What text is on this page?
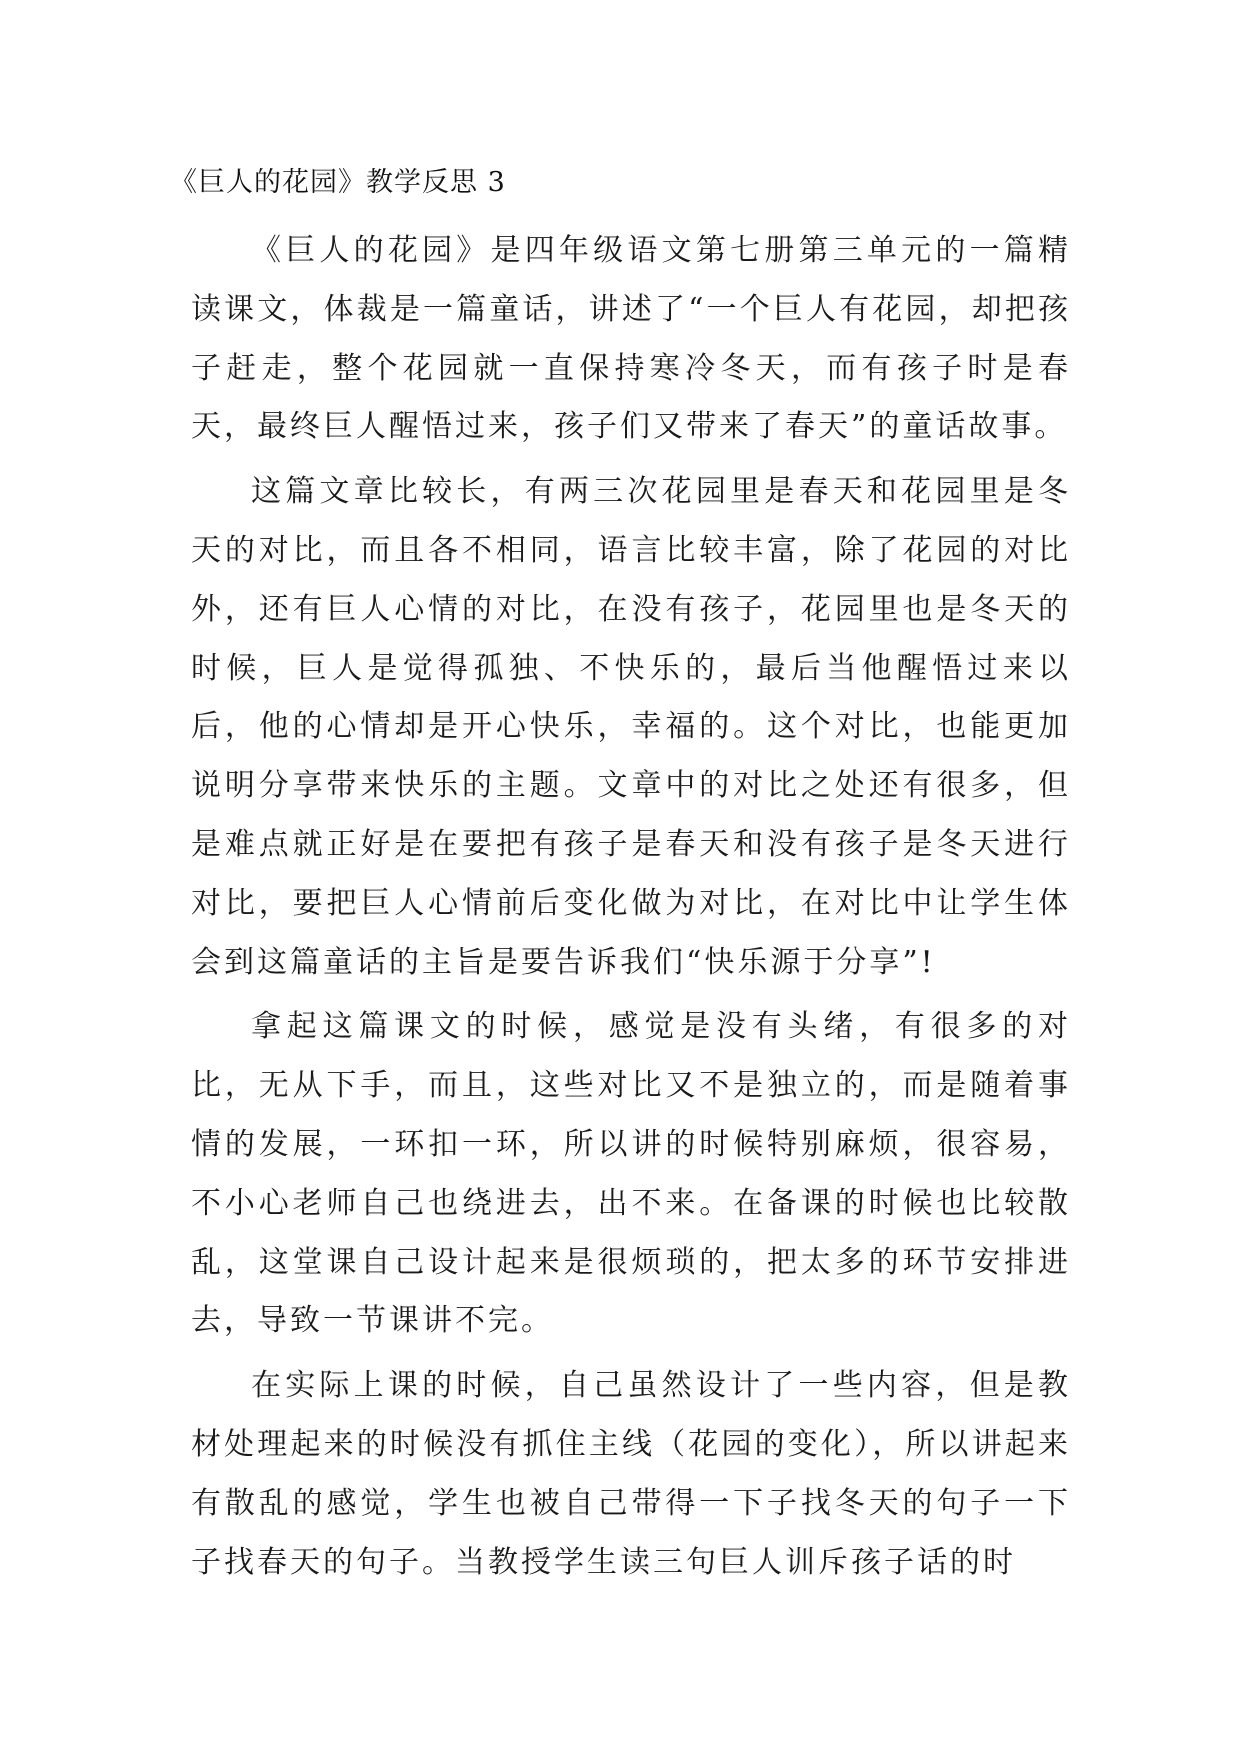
《巨人的花园》教学反思 3

《巨人的花园》是四年级语文第七册第三单元的一篇精读课文，体裁是一篇童话，讲述了“一个巨人有花园，却把孩子赶走，整个花园就一直保持寒冷冬天，而有孩子时是春天，最终巨人醒悟过来，孩子们又带来了春天”的童话故事。

这篇文章比较长，有两三次花园里是春天和花园里是冬天的对比，而且各不相同，语言比较丰富，除了花园的对比外，还有巨人心情的对比，在没有孩子，花园里也是冬天的时候，巨人是觉得孤独、不快乐的，最后当他醒悟过来以后，他的心情却是开心快乐，幸福的。这个对比，也能更加说明分享带来快乐的主题。文章中的对比之处还有很多，但是难点就正好是在要把有孩子是春天和没有孩子是冬天进行对比，要把巨人心情前后变化做为对比，在对比中让学生体会到这篇童话的主旨是要告诉我们“快乐源于分享”!

拿起这篇课文的时候，感觉是没有头绪，有很多的对比，无从下手，而且，这些对比又不是独立的，而是随着事情的发展，一环扣一环，所以讲的时候特别麻烦，很容易，不小心老师自己也绕进去，出不来。在备课的时候也比较散乱，这堂课自己设计起来是很烦琐的，把太多的环节安排进去，导致一节课讲不完。

在实际上课的时候，自己虽然设计了一些内容，但是教材处理起来的时候没有抓住主线（花园的变化），所以讲起来有散乱的感觉，学生也被自己带得一下子找冬天的句子一下子找春天的句子。当教授学生读三句巨人训斥孩子话的时
